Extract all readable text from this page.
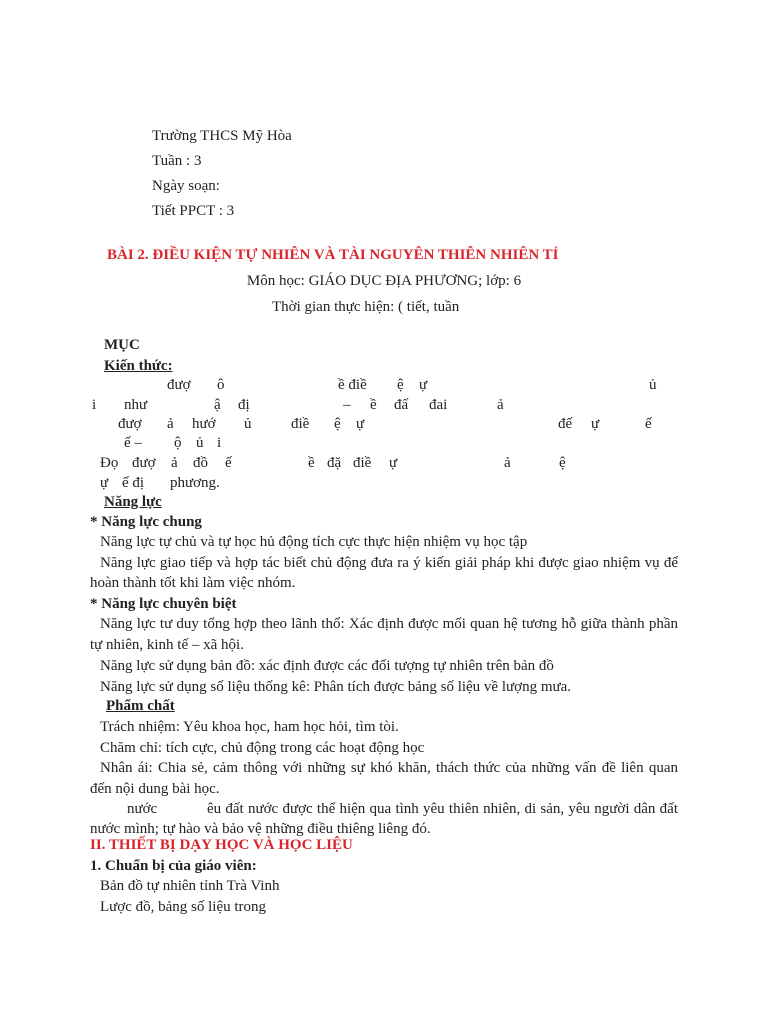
Trường THCS Mỹ Hòa
Tuần : 3
Ngày soạn:
Tiết PPCT : 3
BÀI 2. ĐIỀU KIỆN TỰ NHIÊN VÀ TÀI NGUYÊN THIÊN NHIÊN TỈ
Môn học: GIÁO DỤC ĐỊA PHƯƠNG; lớp: 6
Thời gian thực hiện: ( tiết, tuần
MỤC
Kiến thức:
đượ ô	ề điề ệ ự	ủ
i như	ậ đị	– ề đấ đai	ả
đượ ả hướ ủ	điề ệ ự	đế ự	ế
ế – ộ ủ i
Đọ đượ ả đồ ế	ề đặ điề ự	ả	ệ
ự ế đị phương.
Năng lực
* Năng lực chung
Năng lực tự chủ và tự học hủ động tích cực thực hiện nhiệm vụ học tập
Năng lực giao tiếp và hợp tác biết chủ động đưa ra ý kiến giải pháp khi được giao nhiệm vụ để
hoàn thành tốt khi làm việc nhóm.
* Năng lực chuyên biệt
Năng lực tư duy tổng hợp theo lãnh thổ: Xác định được mối quan hệ tương hỗ giữa thành phần
tự nhiên, kinh tế – xã hội.
Năng lực sử dụng bản đồ: xác định được các đối tượng tự nhiên trên bản đồ
Năng lực sử dụng số liệu thống kê: Phân tích được bảng số liệu về lượng mưa.
Phẩm chất
Trách nhiệm: Yêu khoa học, ham học hỏi, tìm tòi.
Chăm chỉ: tích cực, chủ động trong các hoạt động học
Nhân ái: Chia sẻ, cảm thông với những sự khó khăn, thách thức của những vấn đề liên quan
đến nội dung bài học.
nước	êu đất nước được thể hiện qua tình yêu thiên nhiên, di sản, yêu người dân đất
nước mình; tự hào và bảo vệ những điều thiêng liêng đó.
II. THIẾT BỊ DẠY HỌC VÀ HỌC LIỆU
1. Chuẩn bị của giáo viên:
Bản đồ tự nhiên tỉnh Trà Vinh
Lược đồ, bảng số liệu trong
